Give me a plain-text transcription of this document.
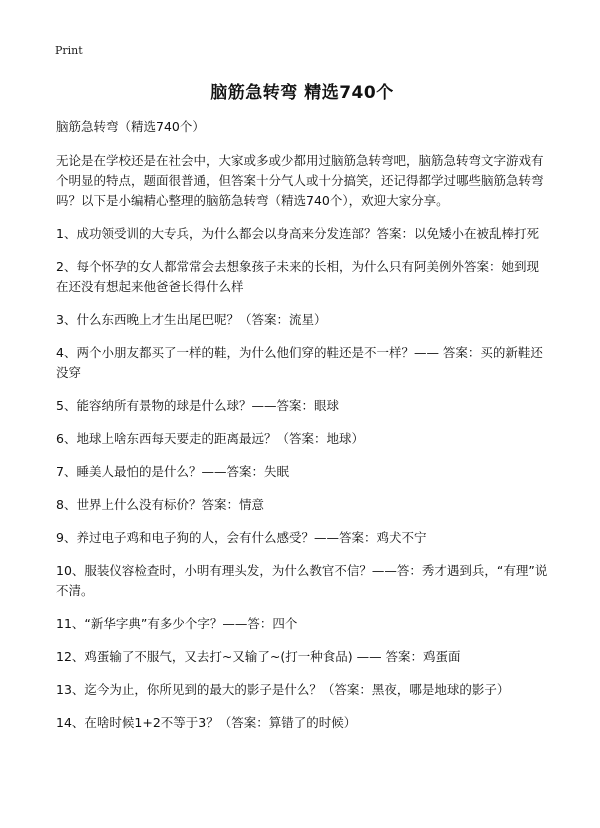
Print
脑筋急转弯 精选740个
脑筋急转弯（精选740个）
无论是在学校还是在社会中，大家或多或少都用过脑筋急转弯吧，脑筋急转弯文字游戏有个明显的特点，题面很普通，但答案十分气人或十分搞笑，还记得都学过哪些脑筋急转弯吗？以下是小编精心整理的脑筋急转弯（精选740个），欢迎大家分享。
1、成功领受训的大专兵，为什么都会以身高来分发连部？答案：以免矮小在被乱棒打死
2、每个怀孕的女人都常常会去想象孩子未来的长相，为什么只有阿美例外答案：她到现在还没有想起来他爸爸长得什么样
3、什么东西晚上才生出尾巴呢？（答案：流星）
4、两个小朋友都买了一样的鞋，为什么他们穿的鞋还是不一样？—— 答案：买的新鞋还没穿
5、能容纳所有景物的球是什么球？——答案：眼球
6、地球上啥东西每天要走的距离最远？（答案：地球）
7、睡美人最怕的是什么？——答案：失眠
8、世界上什么没有标价？答案：情意
9、养过电子鸡和电子狗的人，会有什么感受？——答案：鸡犬不宁
10、服装仪容检查时，小明有理头发，为什么教官不信？——答：秀才遇到兵，“有理”说不清。
11、“新华字典”有多少个字？——答：四个
12、鸡蛋输了不服气，又去打~又输了~(打一种食品) —— 答案：鸡蛋面
13、迄今为止，你所见到的最大的影子是什么？（答案：黑夜，哪是地球的影子）
14、在啥时候1+2不等于3？（答案：算错了的时候）
